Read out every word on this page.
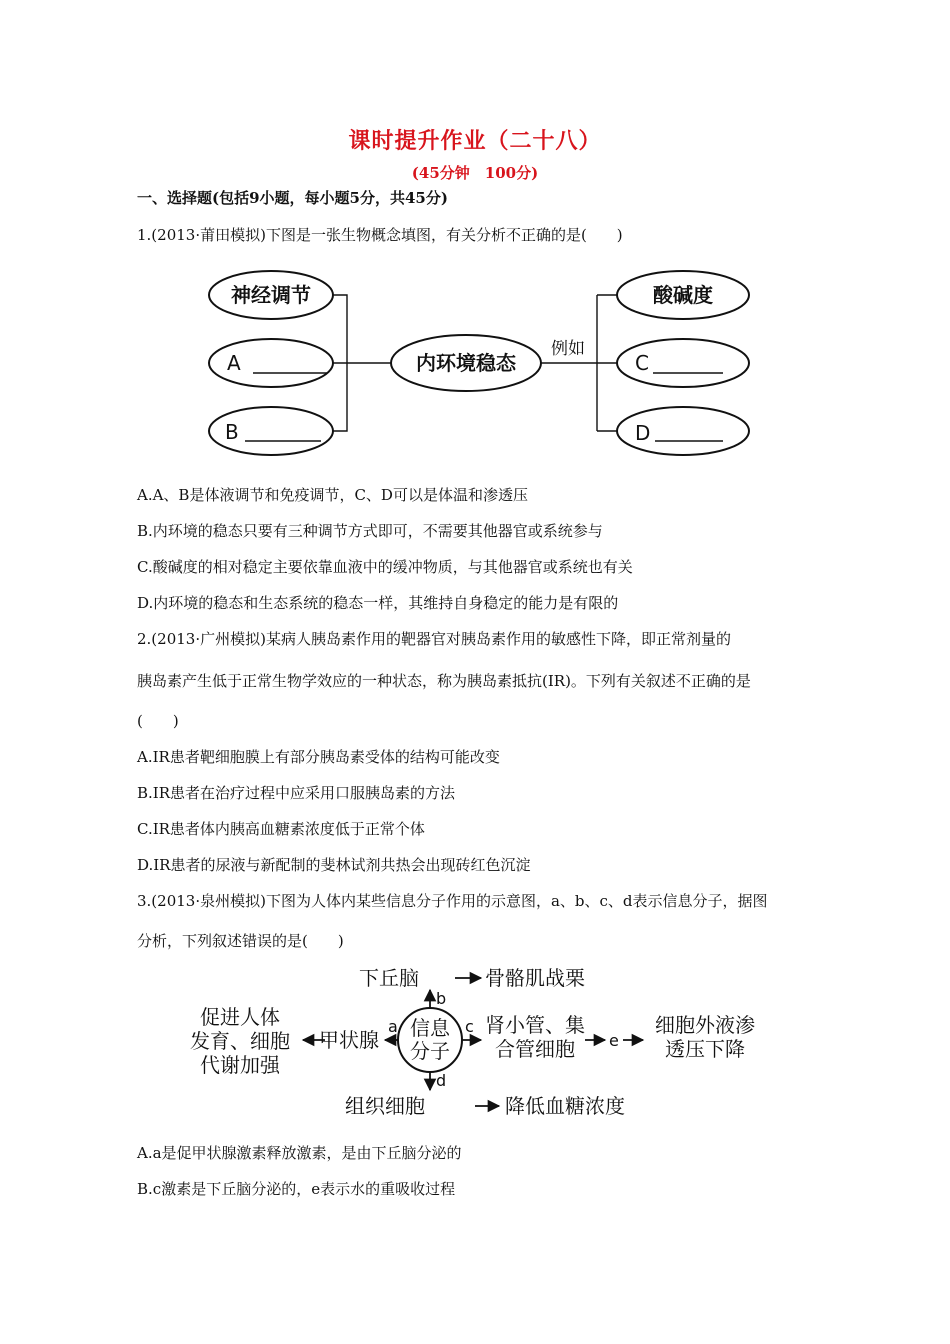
课时提升作业（二十八）
(45分钟　100分)
一、选择题(包括9小题，每小题5分，共45分)
1.(2013·莆田模拟)下图是一张生物概念填图，有关分析不正确的是(　　)
神经调节
A
B
内环境稳态
例如
酸碱度
C
D
A.A、B是体液调节和免疫调节，C、D可以是体温和渗透压
B.内环境的稳态只要有三种调节方式即可，不需要其他器官或系统参与
C.酸碱度的相对稳定主要依靠血液中的缓冲物质，与其他器官或系统也有关
D.内环境的稳态和生态系统的稳态一样，其维持自身稳定的能力是有限的
2.(2013·广州模拟)某病人胰岛素作用的靶器官对胰岛素作用的敏感性下降，即正常剂量的
胰岛素产生低于正常生物学效应的一种状态，称为胰岛素抵抗(IR)。下列有关叙述不正确的是
(　　)
A.IR患者靶细胞膜上有部分胰岛素受体的结构可能改变
B.IR患者在治疗过程中应采用口服胰岛素的方法
C.IR患者体内胰高血糖素浓度低于正常个体
D.IR患者的尿液与新配制的斐林试剂共热会出现砖红色沉淀
3.(2013·泉州模拟)下图为人体内某些信息分子作用的示意图，a、b、c、d表示信息分子，据图
分析，下列叙述错误的是(　　)
信息
分子
下丘脑	骨骼肌战栗
甲状腺
促进人体
发育、细胞
代谢加强
肾小管、集
合管细胞
细胞外液渗
透压下降
组织细胞	降低血糖浓度
a
b
c
d
e
A.a是促甲状腺激素释放激素，是由下丘脑分泌的
B.c激素是下丘脑分泌的，e表示水的重吸收过程
